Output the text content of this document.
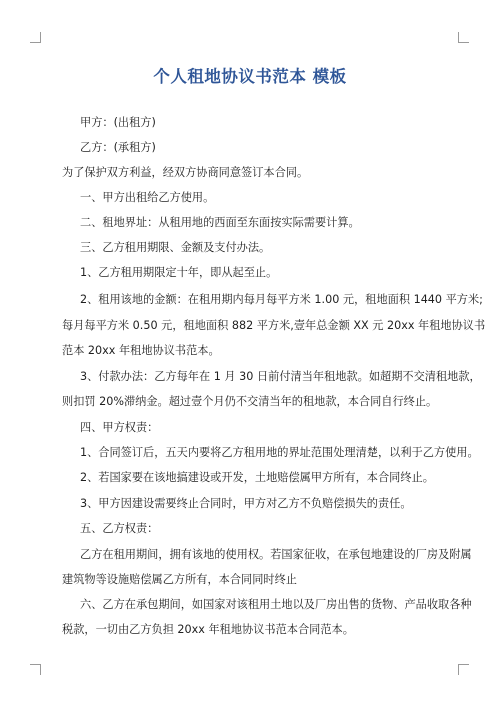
个人租地协议书范本 模板
甲方：(出租方)
乙方：(承租方)
为了保护双方利益，经双方协商同意签订本合同。
一、甲方出租给乙方使用。
二、租地界址：从租用地的西面至东面按实际需要计算。
三、乙方租用期限、金额及支付办法。
1、乙方租用期限定十年，即从起至止。
2、租用该地的金额：在租用期内每月每平方米 1.00 元，租地面积 1440 平方米;
每月每平方米 0.50 元，租地面积 882 平方米,壹年总金额 XX 元 20xx 年租地协议书
范本 20xx 年租地协议书范本。
3、付款办法：乙方每年在 1 月 30 日前付清当年租地款。如超期不交清租地款，
则扣罚 20%滞纳金。超过壹个月仍不交清当年的租地款，本合同自行终止。
四、甲方权责：
1、合同签订后，五天内要将乙方租用地的界址范围处理清楚，以利于乙方使用。
2、若国家要在该地搞建设或开发，土地赔偿属甲方所有，本合同终止。
3、甲方因建设需要终止合同时，甲方对乙方不负赔偿损失的责任。
五、乙方权责：
乙方在租用期间，拥有该地的使用权。若国家征收，在承包地建设的厂房及附属
建筑物等设施赔偿属乙方所有，本合同同时终止
六、乙方在承包期间，如国家对该租用土地以及厂房出售的货物、产品收取各种
税款，一切由乙方负担 20xx 年租地协议书范本合同范本。
